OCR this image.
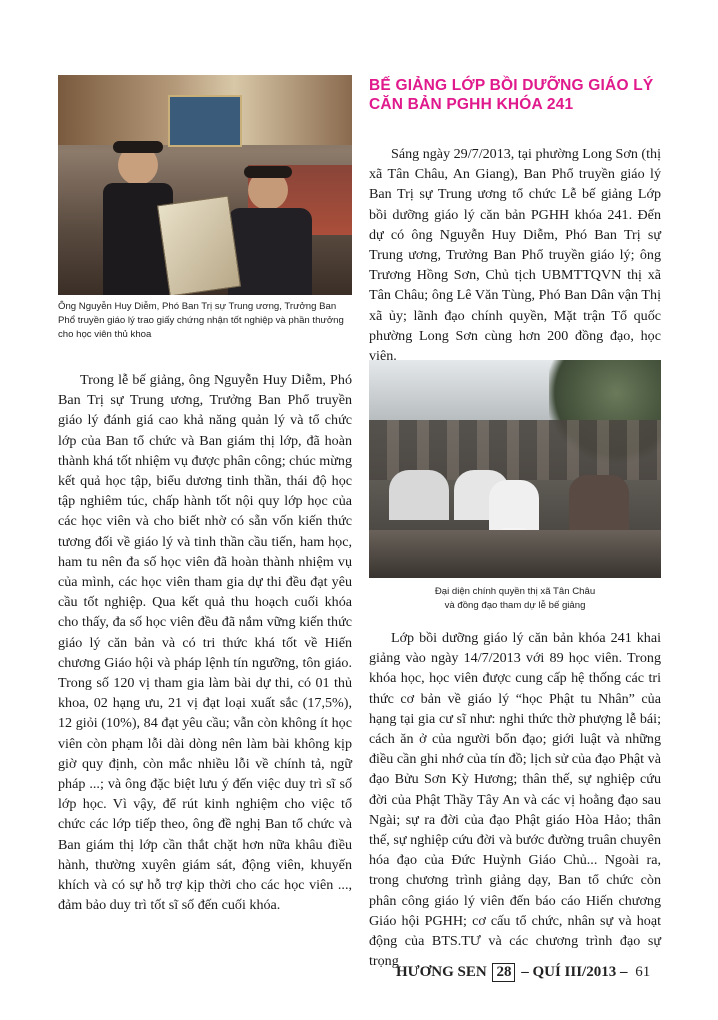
Ông Nguyễn Huy Diễm, Phó Ban Trị sự Trung ương, Trưởng Ban Phổ truyền giáo lý trao giấy chứng nhận tốt nghiệp và phần thưởng cho học viên thủ khoa
Đại diện chính quyền thị xã Tân Châu
và đồng đạo tham dự lễ bế giảng
BẾ GIẢNG LỚP BỒI DƯỠNG GIÁO LÝ CĂN BẢN PGHH KHÓA 241

Sáng ngày 29/7/2013, tại phường Long Sơn (thị xã Tân Châu, An Giang), Ban Phổ truyền giáo lý Ban Trị sự Trung ương tổ chức Lễ bế giảng Lớp bồi dưỡng giáo lý căn bản PGHH khóa 241. Đến dự có ông Nguyễn Huy Diễm, Phó Ban Trị sự Trung ương, Trưởng Ban Phổ truyền giáo lý; ông Trương Hồng Sơn, Chủ tịch UBMTTQVN thị xã Tân Châu; ông Lê Văn Tùng, Phó Ban Dân vận Thị xã ủy; lãnh đạo chính quyền, Mặt trận Tổ quốc phường Long Sơn cùng hơn 200 đồng đạo, học viên.

Trong lễ bế giảng, ông Nguyễn Huy Diễm, Phó Ban Trị sự Trung ương, Trưởng Ban Phổ truyền giáo lý đánh giá cao khả năng quản lý và tổ chức lớp của Ban tổ chức và Ban giám thị lớp, đã hoàn thành khá tốt nhiệm vụ được phân công; chúc mừng kết quả học tập, biểu dương tinh thần, thái độ học tập nghiêm túc, chấp hành tốt nội quy lớp học của các học viên và cho biết nhờ có sẵn vốn kiến thức tương đối về giáo lý và tinh thần cầu tiến, ham học, ham tu nên đa số học viên đã hoàn thành nhiệm vụ của mình, các học viên tham gia dự thi đều đạt yêu cầu tốt nghiệp. Qua kết quả thu hoạch cuối khóa cho thấy, đa số học viên đều đã nắm vững kiến thức giáo lý căn bản và có tri thức khá tốt về Hiến chương Giáo hội và pháp lệnh tín ngưỡng, tôn giáo. Trong số 120 vị tham gia làm bài dự thi, có 01 thủ khoa, 02 hạng ưu, 21 vị đạt loại xuất sắc (17,5%), 12 giỏi (10%), 84 đạt yêu cầu; vẫn còn không ít học viên còn phạm lỗi dài dòng nên làm bài không kịp giờ quy định, còn mắc nhiều lỗi về chính tả, ngữ pháp ...; và ông đặc biệt lưu ý đến việc duy trì sĩ số lớp học. Vì vậy, để rút kinh nghiệm cho việc tổ chức các lớp tiếp theo, ông đề nghị Ban tổ chức và Ban giám thị lớp cần thắt chặt hơn nữa khâu điều hành, thường xuyên giám sát, động viên, khuyến khích và có sự hỗ trợ kịp thời cho các học viên ..., đảm bảo duy trì tốt sĩ số đến cuối khóa.

Lớp bồi dưỡng giáo lý căn bản khóa 241 khai giảng vào ngày 14/7/2013 với 89 học viên. Trong khóa học, học viên được cung cấp hệ thống các tri thức cơ bản về giáo lý “học Phật tu Nhân” của hạng tại gia cư sĩ như: nghi thức thờ phượng lễ bái; cách ăn ở của người bổn đạo; giới luật và những điều cần ghi nhớ của tín đồ; lịch sử của đạo Phật và đạo Bửu Sơn Kỳ Hương; thân thế, sự nghiệp cứu đời của Phật Thầy Tây An và các vị hoằng đạo sau Ngài; sự ra đời của đạo Phật giáo Hòa Hảo; thân thế, sự nghiệp cứu đời và bước đường truân chuyên hóa đạo của Đức Huỳnh Giáo Chủ... Ngoài ra, trong chương trình giảng dạy, Ban tổ chức còn phân công giáo lý viên đến báo cáo Hiến chương Giáo hội PGHH; cơ cấu tổ chức, nhân sự và hoạt động của BTS.TƯ và các chương trình đạo sự trọng

HƯƠNG SEN 28 – QUÍ III/2013 – 61
